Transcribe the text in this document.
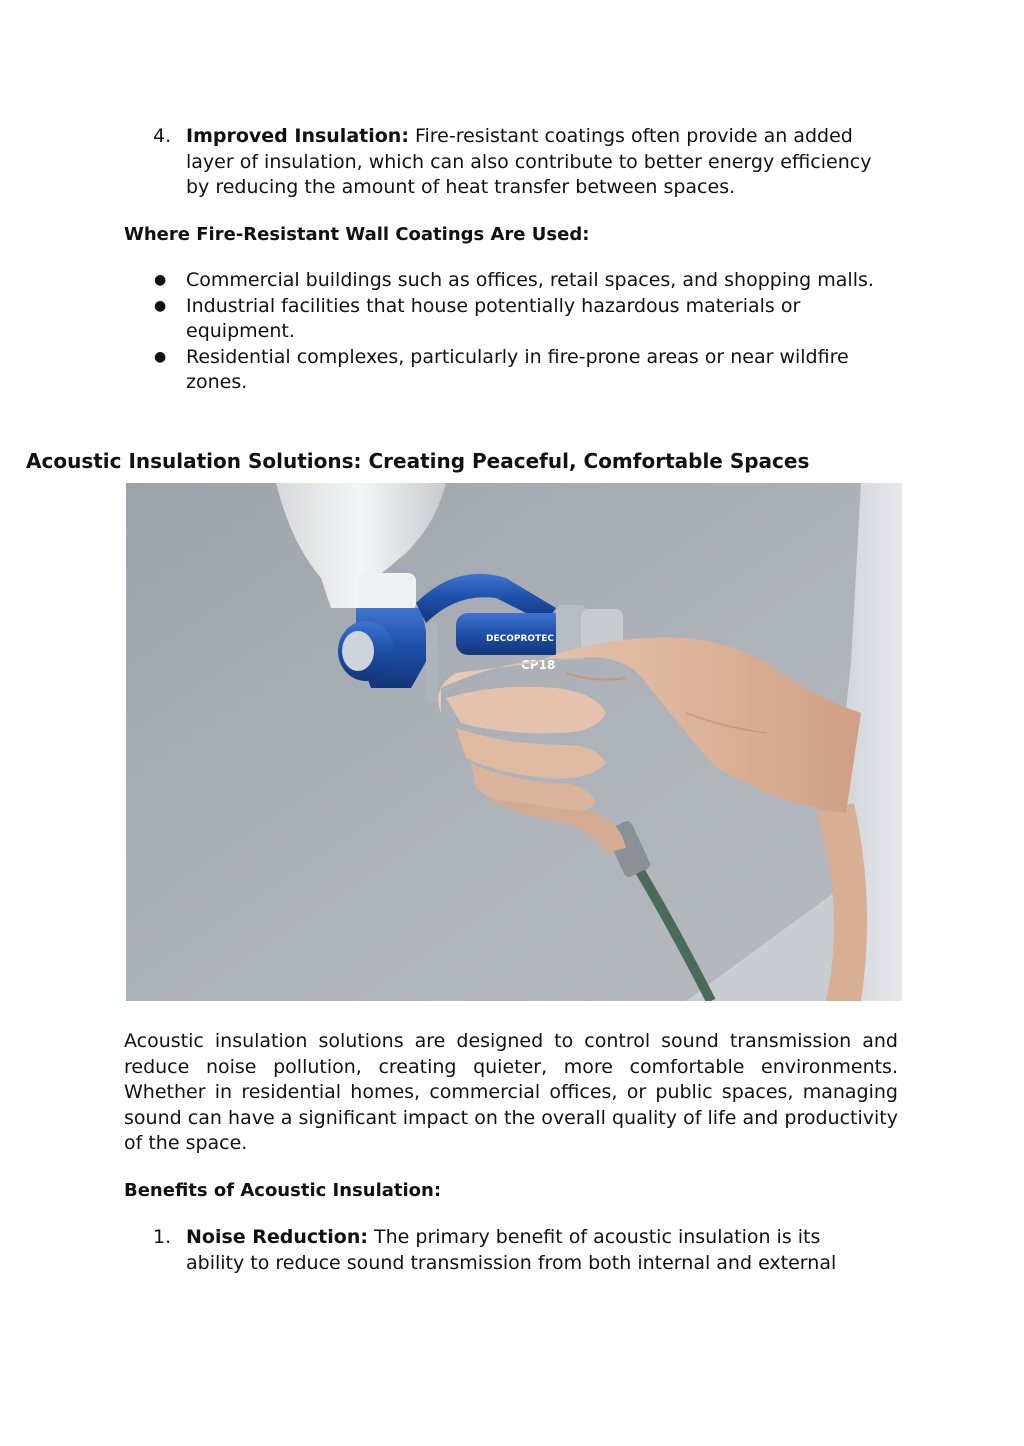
4. Improved Insulation: Fire-resistant coatings often provide an added layer of insulation, which can also contribute to better energy efficiency by reducing the amount of heat transfer between spaces.
Where Fire-Resistant Wall Coatings Are Used:
● Commercial buildings such as offices, retail spaces, and shopping malls.
● Industrial facilities that house potentially hazardous materials or equipment.
● Residential complexes, particularly in fire-prone areas or near wildfire zones.
Acoustic Insulation Solutions: Creating Peaceful, Comfortable Spaces
DECOPROTEC
CP18

Acoustic insulation solutions are designed to control sound transmission and reduce noise pollution, creating quieter, more comfortable environments. Whether in residential homes, commercial offices, or public spaces, managing sound can have a significant impact on the overall quality of life and productivity of the space.

Benefits of Acoustic Insulation:
1. Noise Reduction: The primary benefit of acoustic insulation is its ability to reduce sound transmission from both internal and external
